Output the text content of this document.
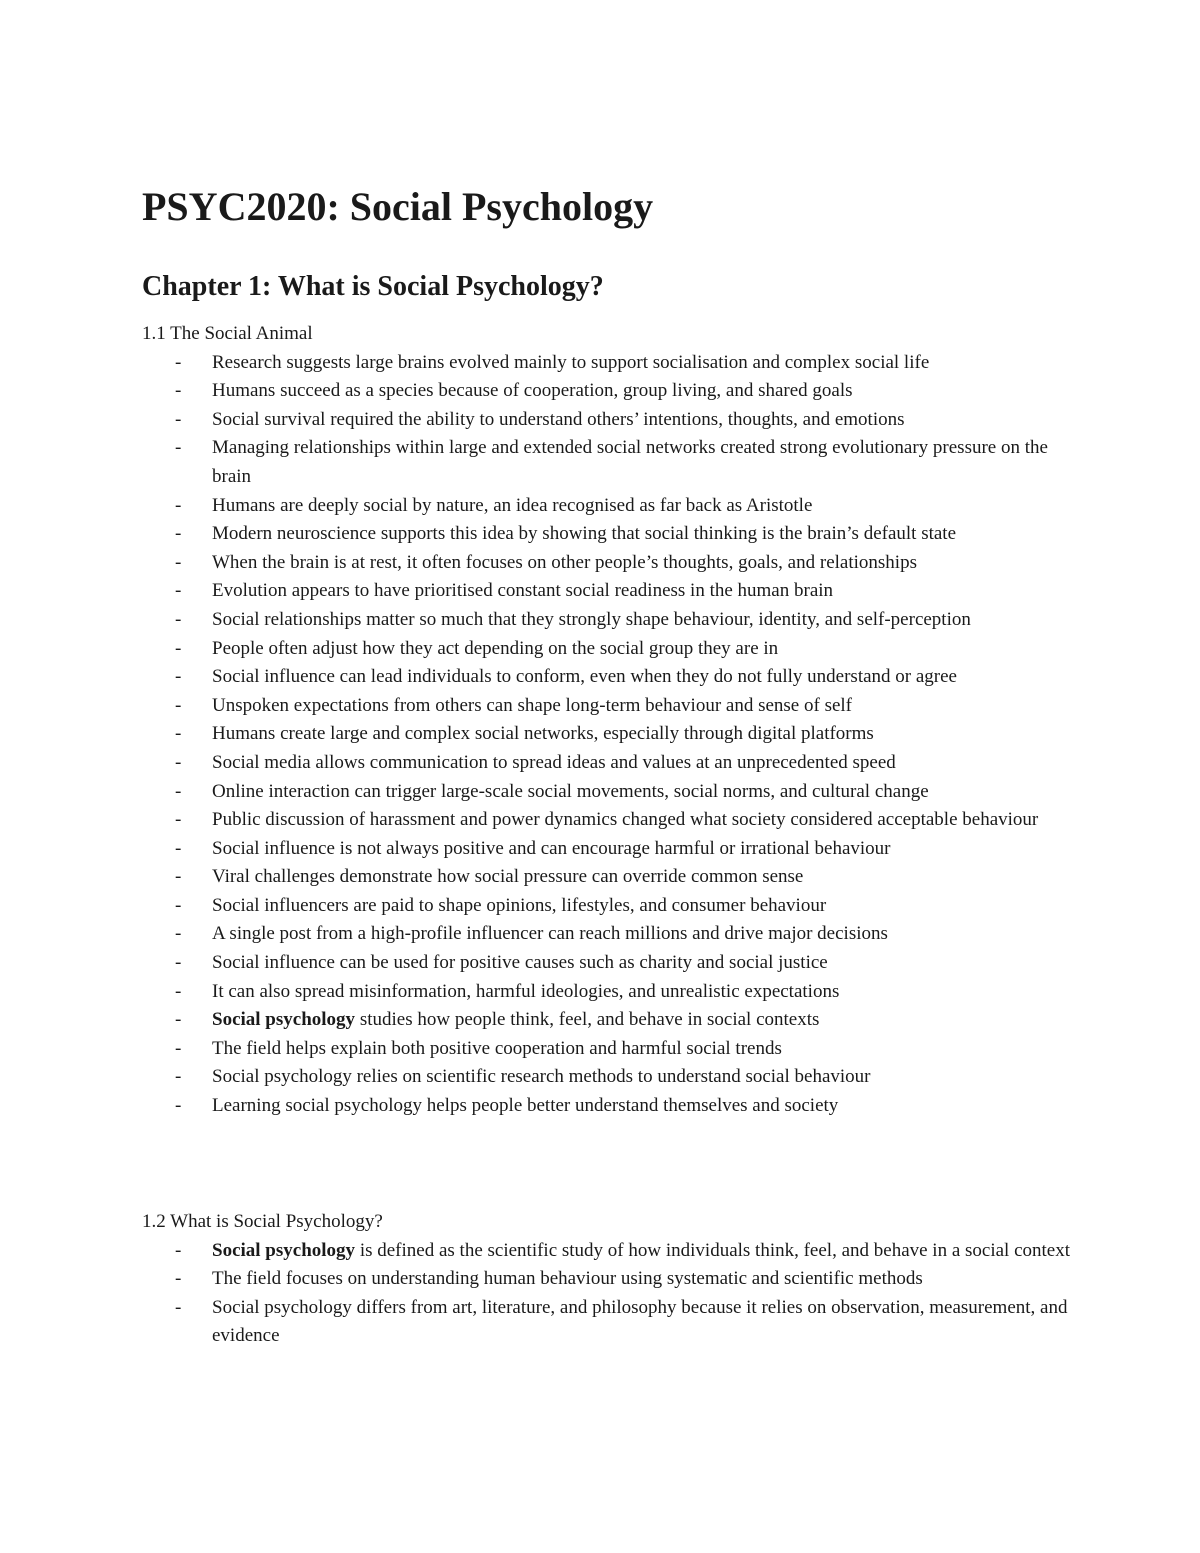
PSYC2020: Social Psychology
Chapter 1: What is Social Psychology?
1.1 The Social Animal
- Research suggests large brains evolved mainly to support socialisation and complex social life
- Humans succeed as a species because of cooperation, group living, and shared goals
- Social survival required the ability to understand others’ intentions, thoughts, and emotions
- Managing relationships within large and extended social networks created strong evolutionary pressure on the brain
- Humans are deeply social by nature, an idea recognised as far back as Aristotle
- Modern neuroscience supports this idea by showing that social thinking is the brain’s default state
- When the brain is at rest, it often focuses on other people’s thoughts, goals, and relationships
- Evolution appears to have prioritised constant social readiness in the human brain
- Social relationships matter so much that they strongly shape behaviour, identity, and self-perception
- People often adjust how they act depending on the social group they are in
- Social influence can lead individuals to conform, even when they do not fully understand or agree
- Unspoken expectations from others can shape long-term behaviour and sense of self
- Humans create large and complex social networks, especially through digital platforms
- Social media allows communication to spread ideas and values at an unprecedented speed
- Online interaction can trigger large-scale social movements, social norms, and cultural change
- Public discussion of harassment and power dynamics changed what society considered acceptable behaviour
- Social influence is not always positive and can encourage harmful or irrational behaviour
- Viral challenges demonstrate how social pressure can override common sense
- Social influencers are paid to shape opinions, lifestyles, and consumer behaviour
- A single post from a high-profile influencer can reach millions and drive major decisions
- Social influence can be used for positive causes such as charity and social justice
- It can also spread misinformation, harmful ideologies, and unrealistic expectations
- Social psychology studies how people think, feel, and behave in social contexts
- The field helps explain both positive cooperation and harmful social trends
- Social psychology relies on scientific research methods to understand social behaviour
- Learning social psychology helps people better understand themselves and society
1.2 What is Social Psychology?
- Social psychology is defined as the scientific study of how individuals think, feel, and behave in a social context
- The field focuses on understanding human behaviour using systematic and scientific methods
- Social psychology differs from art, literature, and philosophy because it relies on observation, measurement, and evidence
